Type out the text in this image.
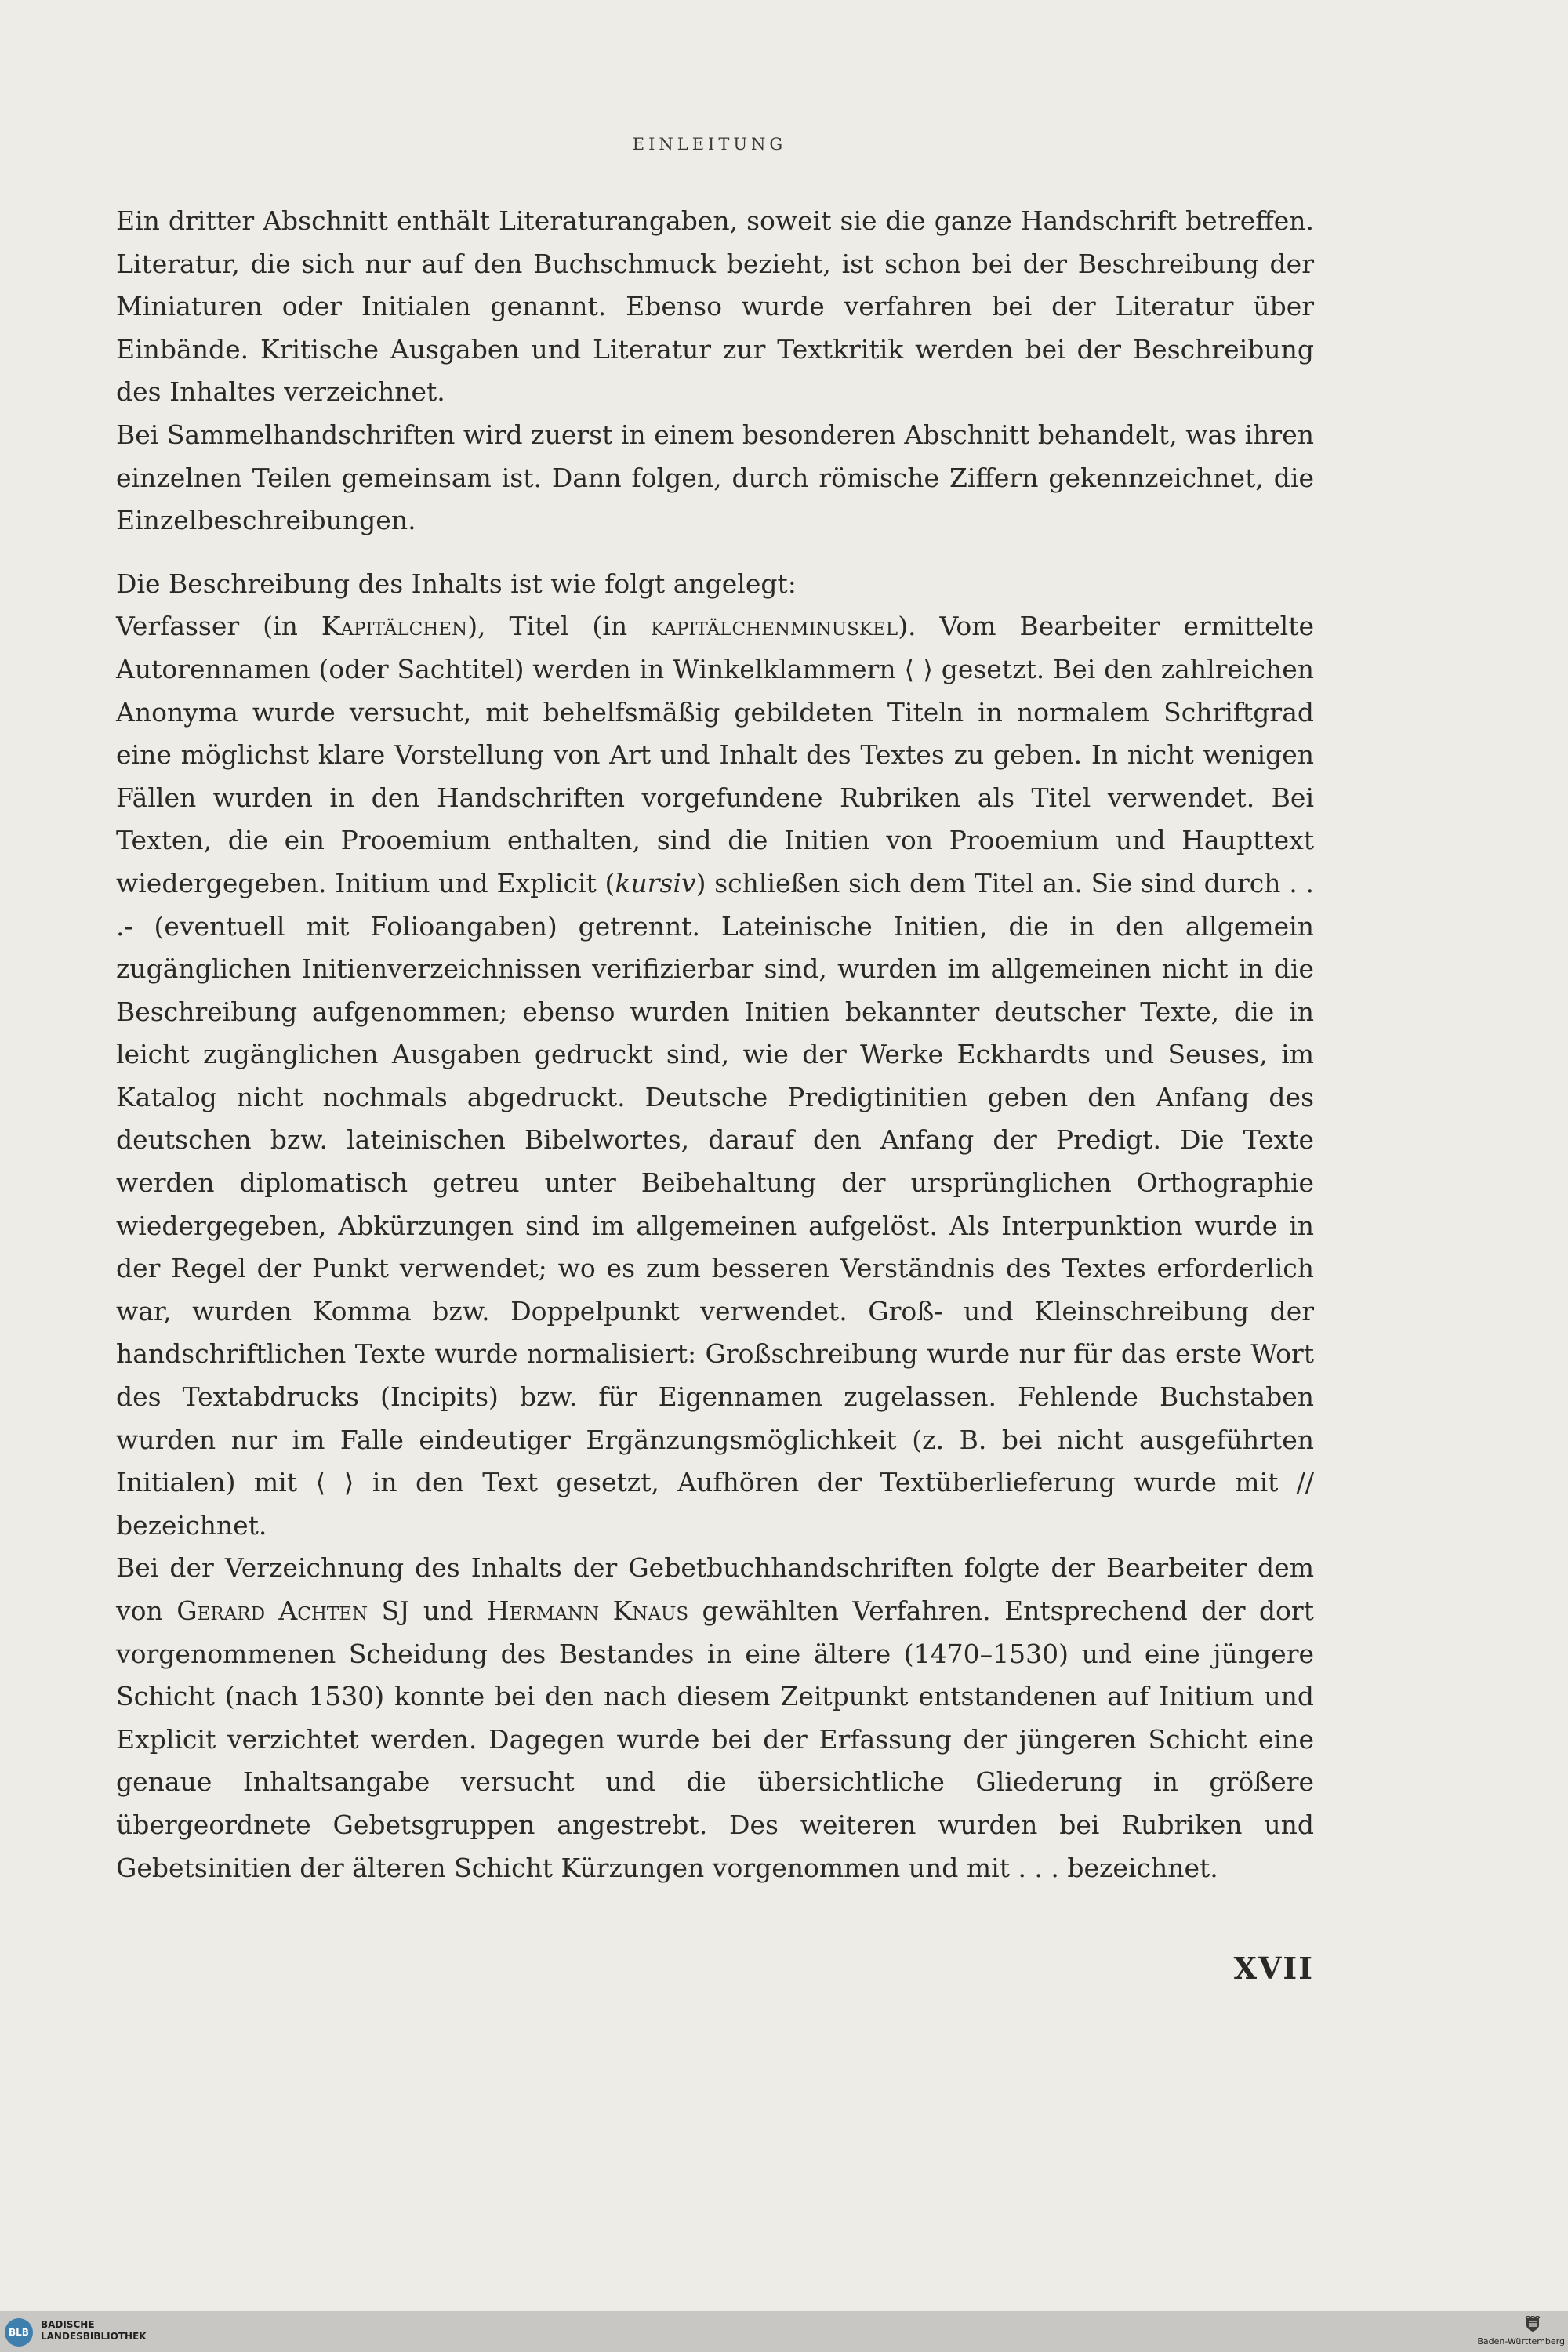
EINLEITUNG

Ein dritter Abschnitt enthält Literaturangaben, soweit sie die ganze Handschrift betreffen. Literatur, die sich nur auf den Buchschmuck bezieht, ist schon bei der Beschreibung der Miniaturen oder Initialen genannt. Ebenso wurde verfahren bei der Literatur über Einbände. Kritische Ausgaben und Literatur zur Textkritik werden bei der Beschreibung des Inhaltes verzeichnet.

Bei Sammelhandschriften wird zuerst in einem besonderen Abschnitt behandelt, was ihren einzelnen Teilen gemeinsam ist. Dann folgen, durch römische Ziffern gekennzeichnet, die Einzelbeschreibungen.

Die Beschreibung des Inhalts ist wie folgt angelegt:

Verfasser (in Kapitälchen), Titel (in kapitälchenminuskel). Vom Bearbeiter ermittelte Autorennamen (oder Sachtitel) werden in Winkelklammern ⟨ ⟩ gesetzt. Bei den zahlreichen Anonyma wurde versucht, mit behelfsmäßig gebildeten Titeln in normalem Schriftgrad eine möglichst klare Vorstellung von Art und Inhalt des Textes zu geben. In nicht wenigen Fällen wurden in den Handschriften vorgefundene Rubriken als Titel verwendet. Bei Texten, die ein Prooemium enthalten, sind die Initien von Prooemium und Haupttext wiedergegeben. Initium und Explicit (kursiv) schließen sich dem Titel an. Sie sind durch . . .- (eventuell mit Folioangaben) getrennt. Lateinische Initien, die in den allgemein zugänglichen Initienverzeichnissen verifizierbar sind, wurden im allgemeinen nicht in die Beschreibung aufgenommen; ebenso wurden Initien bekannter deutscher Texte, die in leicht zugänglichen Ausgaben gedruckt sind, wie der Werke Eckhardts und Seuses, im Katalog nicht nochmals abgedruckt. Deutsche Predigtinitien geben den Anfang des deutschen bzw. lateinischen Bibelwortes, darauf den Anfang der Predigt. Die Texte werden diplomatisch getreu unter Beibehaltung der ursprünglichen Orthographie wiedergegeben, Abkürzungen sind im allgemeinen aufgelöst. Als Interpunktion wurde in der Regel der Punkt verwendet; wo es zum besseren Verständnis des Textes erforderlich war, wurden Komma bzw. Doppelpunkt verwendet. Groß- und Kleinschreibung der handschriftlichen Texte wurde normalisiert: Großschreibung wurde nur für das erste Wort des Textabdrucks (Incipits) bzw. für Eigennamen zugelassen. Fehlende Buchstaben wurden nur im Falle eindeutiger Ergänzungsmöglichkeit (z. B. bei nicht ausgeführten Initialen) mit ⟨ ⟩ in den Text gesetzt, Aufhören der Textüberlieferung wurde mit // bezeichnet.

Bei der Verzeichnung des Inhalts der Gebetbuchhandschriften folgte der Bearbeiter dem von Gerard Achten SJ und Hermann Knaus gewählten Verfahren. Entsprechend der dort vorgenommenen Scheidung des Bestandes in eine ältere (1470–1530) und eine jüngere Schicht (nach 1530) konnte bei den nach diesem Zeitpunkt entstandenen auf Initium und Explicit verzichtet werden. Dagegen wurde bei der Erfassung der jüngeren Schicht eine genaue Inhaltsangabe versucht und die übersichtliche Gliederung in größere übergeordnete Gebetsgruppen angestrebt. Des weiteren wurden bei Rubriken und Gebetsinitien der älteren Schicht Kürzungen vorgenommen und mit . . . bezeichnet.

XVII
BLB
BADISCHE
LANDESBIBLIOTHEK	Baden-Württemberg
